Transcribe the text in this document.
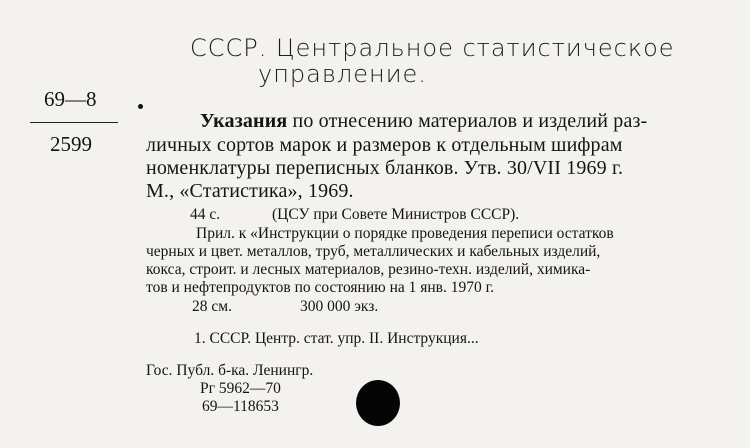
СССР. Центральное статистическое
управление.
69—8
2599
Указания по отнесению материалов и изделий раз-
личных сортов марок и размеров к отдельным шифрам
номенклатуры переписных бланков. Утв. 30/VII 1969 г.
М., «Статистика», 1969.
44 с.	(ЦСУ при Совете Министров СССР).
Прил. к «Инструкции о порядке проведения переписи остатков
черных и цвет. металлов, труб, металлических и кабельных изделий,
кокса, строит. и лесных материалов, резино-техн. изделий, химика-
тов и нефтепродуктов по состоянию на 1 янв. 1970 г.
28 см.	300 000 экз.
1. СССР. Центр. стат. упр. II. Инструкция...
Гос. Публ. б-ка. Ленингр.
Рг 5962—70
69—118653
